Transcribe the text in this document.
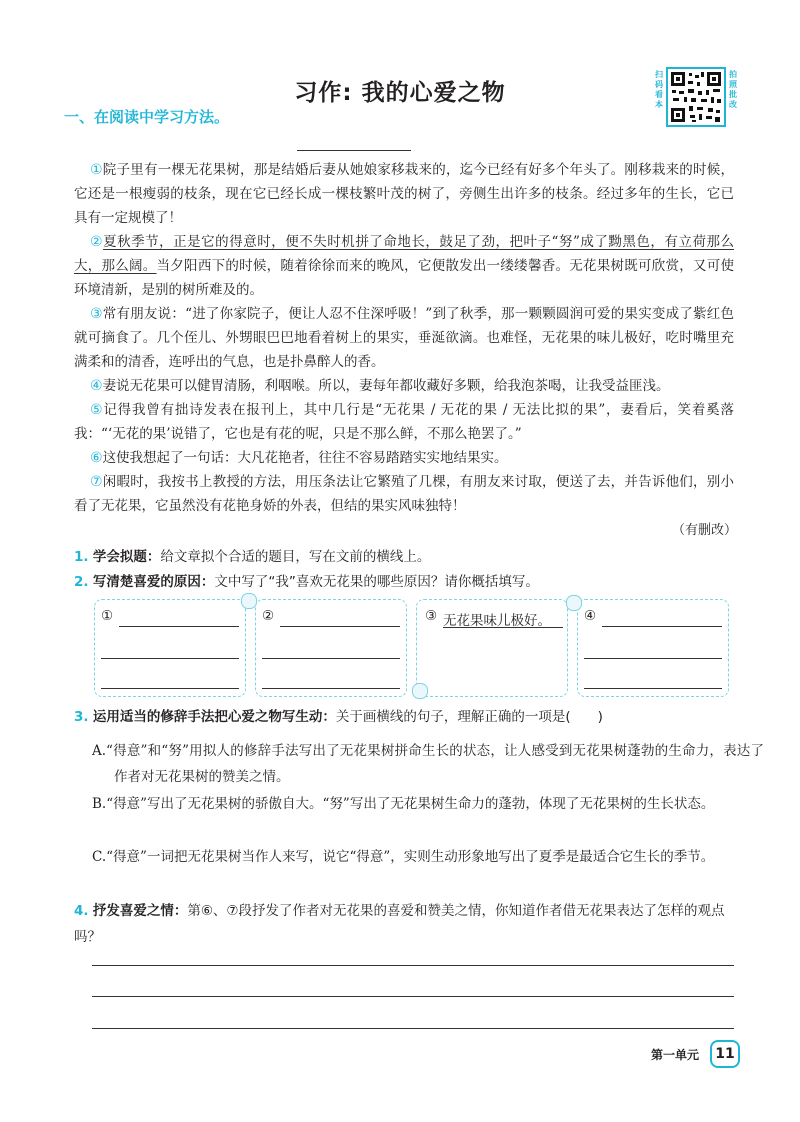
习作: 我的心爱之物
一、在阅读中学习方法。
扫码看本
拍照批改
①院子里有一棵无花果树，那是结婚后妻从她娘家移栽来的，迄今已经有好多个年头了。刚移栽来的时候，它还是一根瘦弱的枝条，现在它已经长成一棵枝繁叶茂的树了，旁侧生出许多的枝条。经过多年的生长，它已具有一定规模了！
②夏秋季节，正是它的得意时，便不失时机拼了命地长，鼓足了劲，把叶子“努”成了黝黑色，有立荷那么大，那么阔。当夕阳西下的时候，随着徐徐而来的晚风，它便散发出一缕缕馨香。无花果树既可欣赏，又可使环境清新，是别的树所难及的。
③常有朋友说：“进了你家院子，便让人忍不住深呼吸！”到了秋季，那一颗颗圆润可爱的果实变成了紫红色就可摘食了。几个侄儿、外甥眼巴巴地看着树上的果实，垂涎欲滴。也难怪，无花果的味儿极好，吃时嘴里充满柔和的清香，连呼出的气息，也是扑鼻醉人的香。
④妻说无花果可以健胃清肠，利咽喉。所以，妻每年都收藏好多颗，给我泡茶喝，让我受益匪浅。
⑤记得我曾有拙诗发表在报刊上，其中几行是“无花果 / 无花的果 / 无法比拟的果”，妻看后，笑着奚落我：“‘无花的果’说错了，它也是有花的呢，只是不那么鲜，不那么艳罢了。”
⑥这使我想起了一句话：大凡花艳者，往往不容易踏踏实实地结果实。
⑦闲暇时，我按书上教授的方法，用压条法让它繁殖了几棵，有朋友来讨取，便送了去，并告诉他们，别小看了无花果，它虽然没有花艳身娇的外表，但结的果实风味独特！
（有删改）
1. 学会拟题：给文章拟个合适的题目，写在文前的横线上。
2. 写清楚喜爱的原因：文中写了“我”喜欢无花果的哪些原因？请你概括填写。
①	②	③ 无花果味儿极好。 ④
3. 运用适当的修辞手法把心爱之物写生动：关于画横线的句子，理解正确的一项是(　　)
A.“得意”和“努”用拟人的修辞手法写出了无花果树拼命生长的状态，让人感受到无花果树蓬勃的生命力，表达了作者对无花果树的赞美之情。
B.“得意”写出了无花果树的骄傲自大。“努”写出了无花果树生命力的蓬勃，体现了无花果树的生长状态。
C.“得意”一词把无花果树当作人来写，说它“得意”，实则生动形象地写出了夏季是最适合它生长的季节。
4. 抒发喜爱之情：第⑥、⑦段抒发了作者对无花果的喜爱和赞美之情，你知道作者借无花果表达了怎样的观点吗？
第一单元	11
